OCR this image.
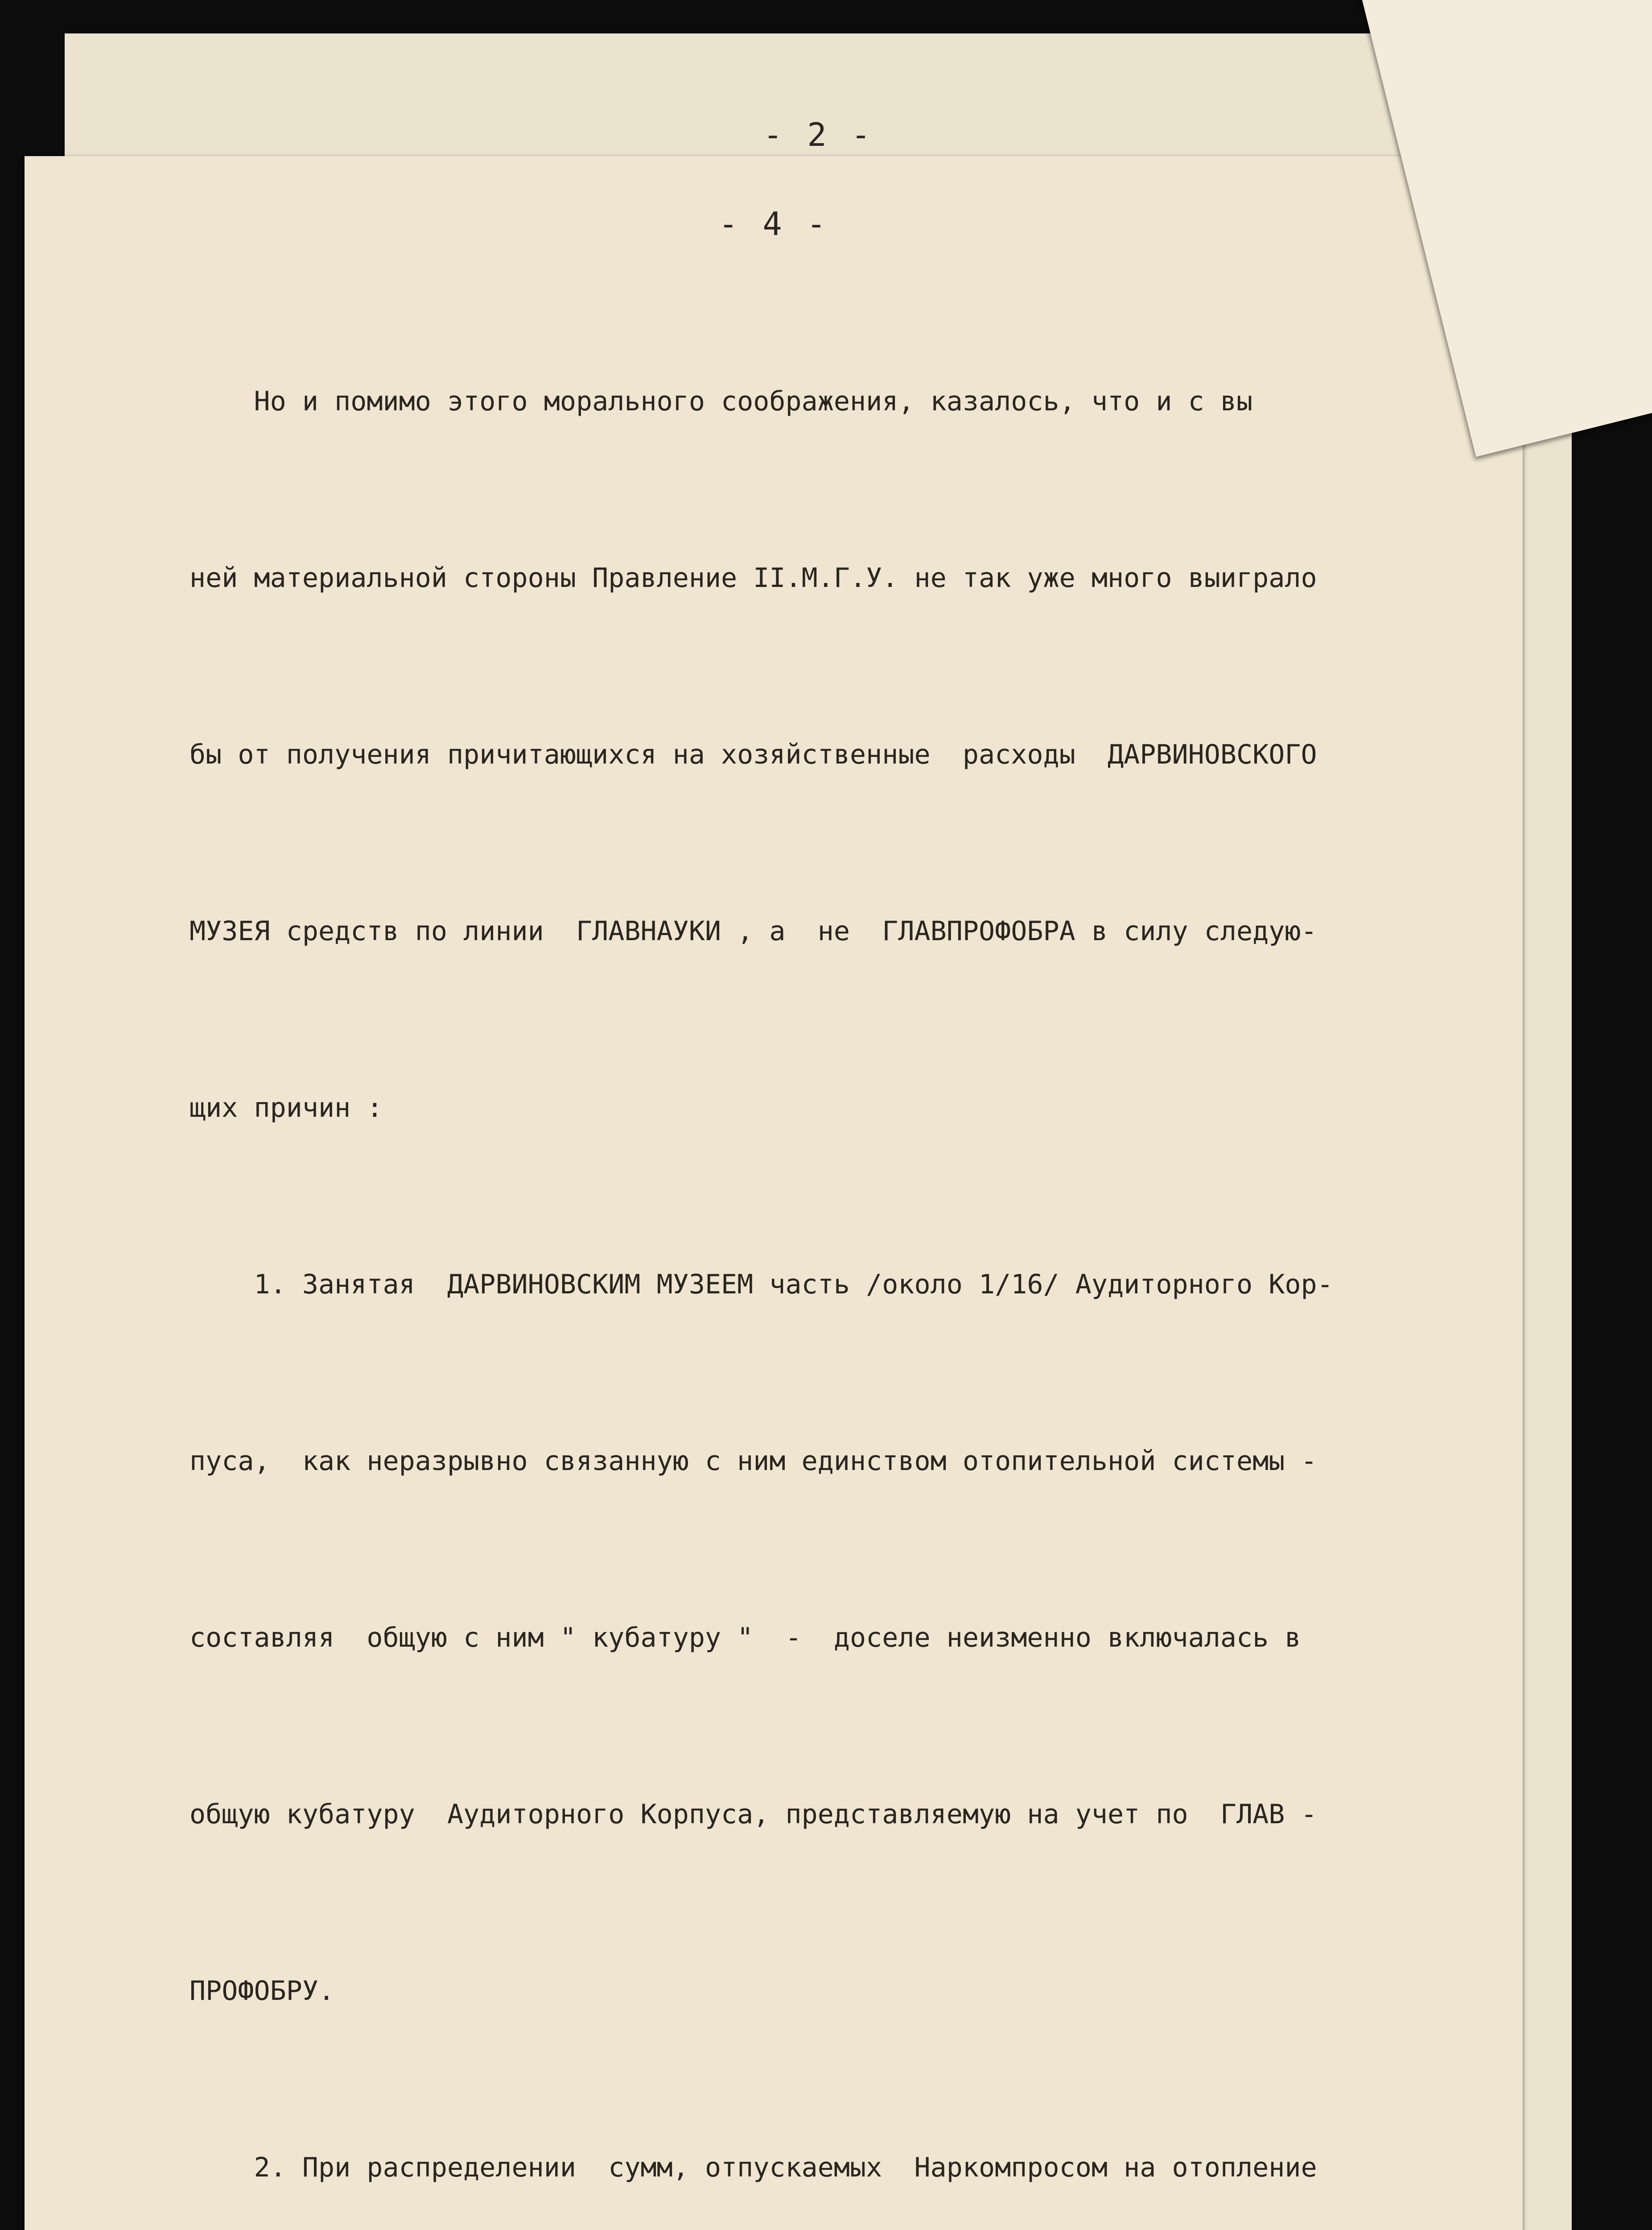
- 2 -
- 4 -

Но и помимо этого морального соображения, казалось, что и с вы

ней материальной стороны Правление II.М.Г.У. не так уже много выиграло

бы от получения причитающихся на хозяйственные  расходы  ДАРВИНОВСКОГО

МУЗЕЯ средств по линии  ГЛАВНАУКИ , а  не  ГЛАВПРОФОБРА в силу следую-

щих причин :

1. Занятая  ДАРВИНОВСКИМ МУЗЕЕМ часть /около 1/16/ Аудиторного Кор-

пуса,  как неразрывно связанную с ним единством отопительной системы -

составляя  общую с ним " кубатуру "  -  доселе неизменно включалась в

общую кубатуру  Аудиторного Корпуса, представляемую на учет по  ГЛАВ -

ПРОФОБРУ.

2. При распределении  сумм, отпускаемых  Наркомпросом на отопление
